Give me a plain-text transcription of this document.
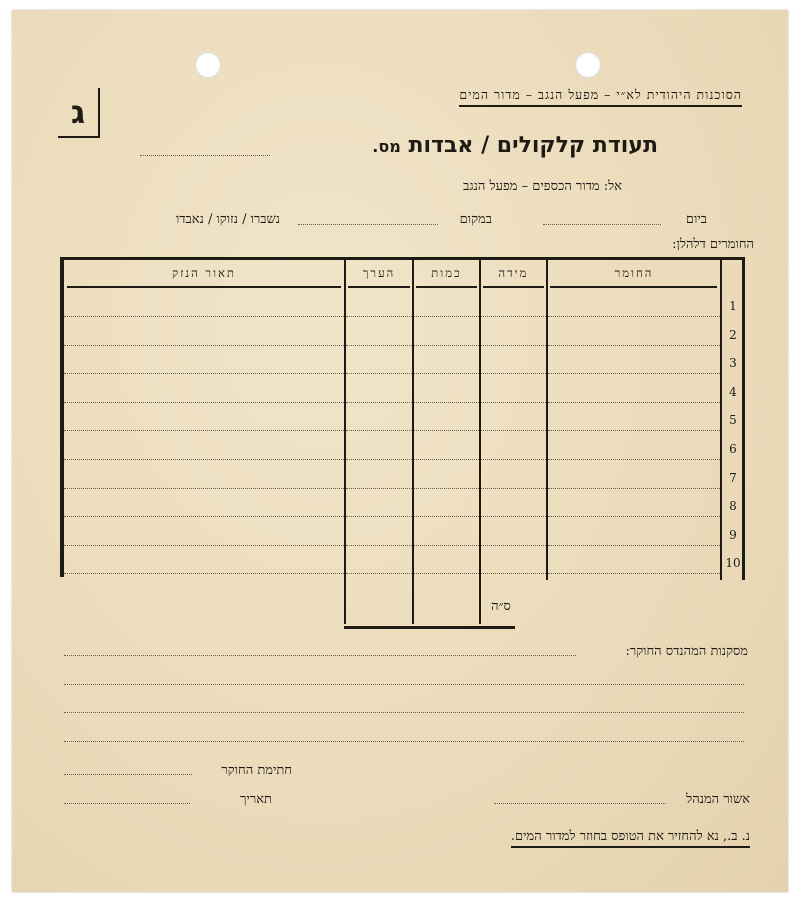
הסוכנות היהודית לא״י – מפעל הנגב – מדור המים
ג
תעודת קלקולים / אבדות מס.
אל: מדור הכספים – מפעל הנגב
ביום
במקום
נשברו / נזוקו / נאבדו
החומרים דלהלן:
החומר
מידה
כמות
הערך
תאור הנזק
1
2
3
4
5
6
7
8
9
10
ס״ה
מסקנות המהנדס החוקר:
חתימת החוקר
אשור המנהל
תאריך
נ. ב., נא להחזיר את הטופס בחוזר למדור המים.
